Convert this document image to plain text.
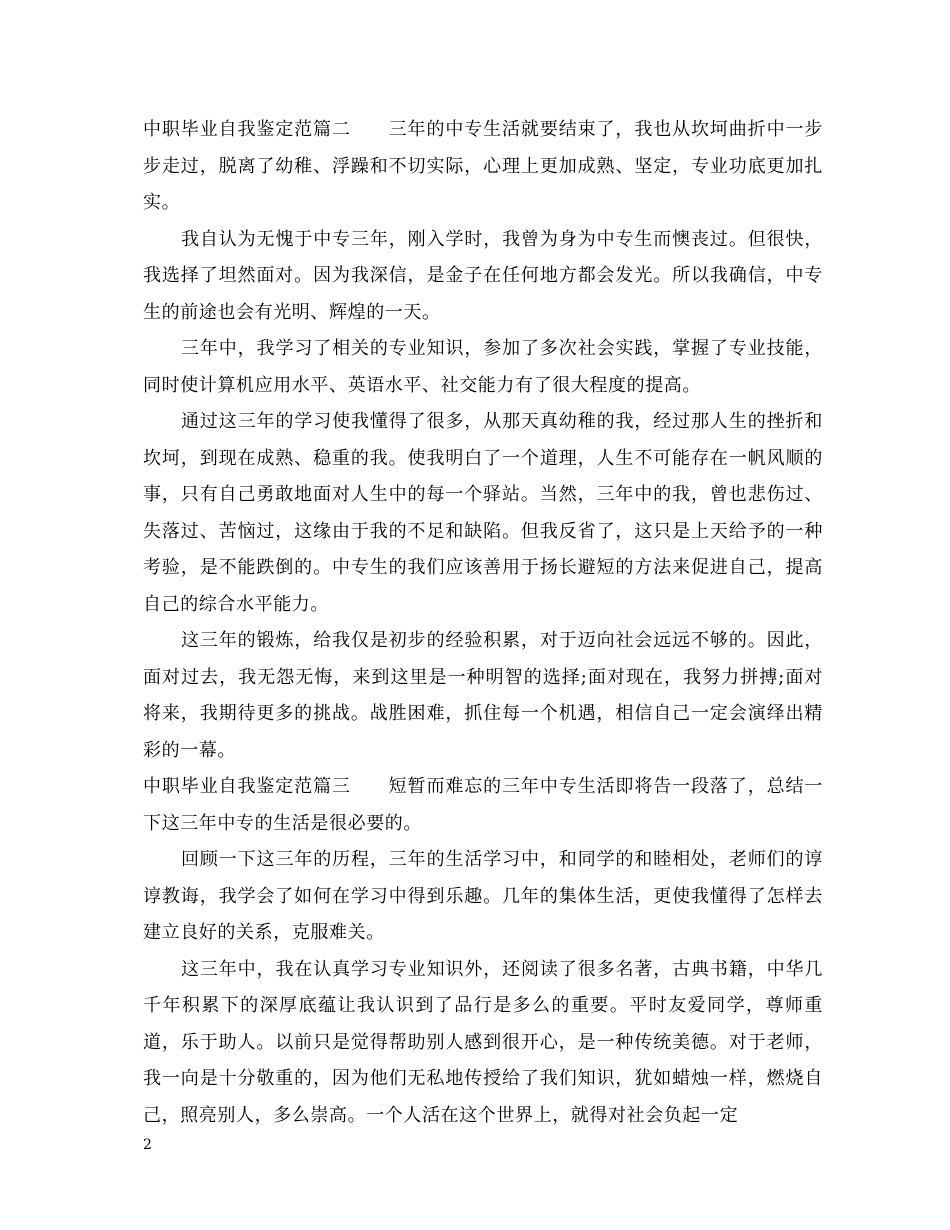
中职毕业自我鉴定范篇二　　三年的中专生活就要结束了，我也从坎坷曲折中一步步走过，脱离了幼稚、浮躁和不切实际，心理上更加成熟、坚定，专业功底更加扎实。

我自认为无愧于中专三年，刚入学时，我曾为身为中专生而懊丧过。但很快，我选择了坦然面对。因为我深信，是金子在任何地方都会发光。所以我确信，中专生的前途也会有光明、辉煌的一天。

三年中，我学习了相关的专业知识，参加了多次社会实践，掌握了专业技能，同时使计算机应用水平、英语水平、社交能力有了很大程度的提高。

通过这三年的学习使我懂得了很多，从那天真幼稚的我，经过那人生的挫折和坎坷，到现在成熟、稳重的我。使我明白了一个道理，人生不可能存在一帆风顺的事，只有自己勇敢地面对人生中的每一个驿站。当然，三年中的我，曾也悲伤过、失落过、苦恼过，这缘由于我的不足和缺陷。但我反省了，这只是上天给予的一种考验，是不能跌倒的。中专生的我们应该善用于扬长避短的方法来促进自己，提高自己的综合水平能力。

这三年的锻炼，给我仅是初步的经验积累，对于迈向社会远远不够的。因此，面对过去，我无怨无悔，来到这里是一种明智的选择;面对现在，我努力拼搏;面对将来，我期待更多的挑战。战胜困难，抓住每一个机遇，相信自己一定会演绎出精彩的一幕。

中职毕业自我鉴定范篇三　　短暂而难忘的三年中专生活即将告一段落了，总结一下这三年中专的生活是很必要的。

回顾一下这三年的历程，三年的生活学习中，和同学的和睦相处，老师们的谆谆教诲，我学会了如何在学习中得到乐趣。几年的集体生活，更使我懂得了怎样去建立良好的关系，克服难关。

这三年中，我在认真学习专业知识外，还阅读了很多名著，古典书籍，中华几千年积累下的深厚底蕴让我认识到了品行是多么的重要。平时友爱同学，尊师重道，乐于助人。以前只是觉得帮助别人感到很开心，是一种传统美德。对于老师，我一向是十分敬重的，因为他们无私地传授给了我们知识，犹如蜡烛一样，燃烧自己，照亮别人，多么崇高。一个人活在这个世界上，就得对社会负起一定

2
